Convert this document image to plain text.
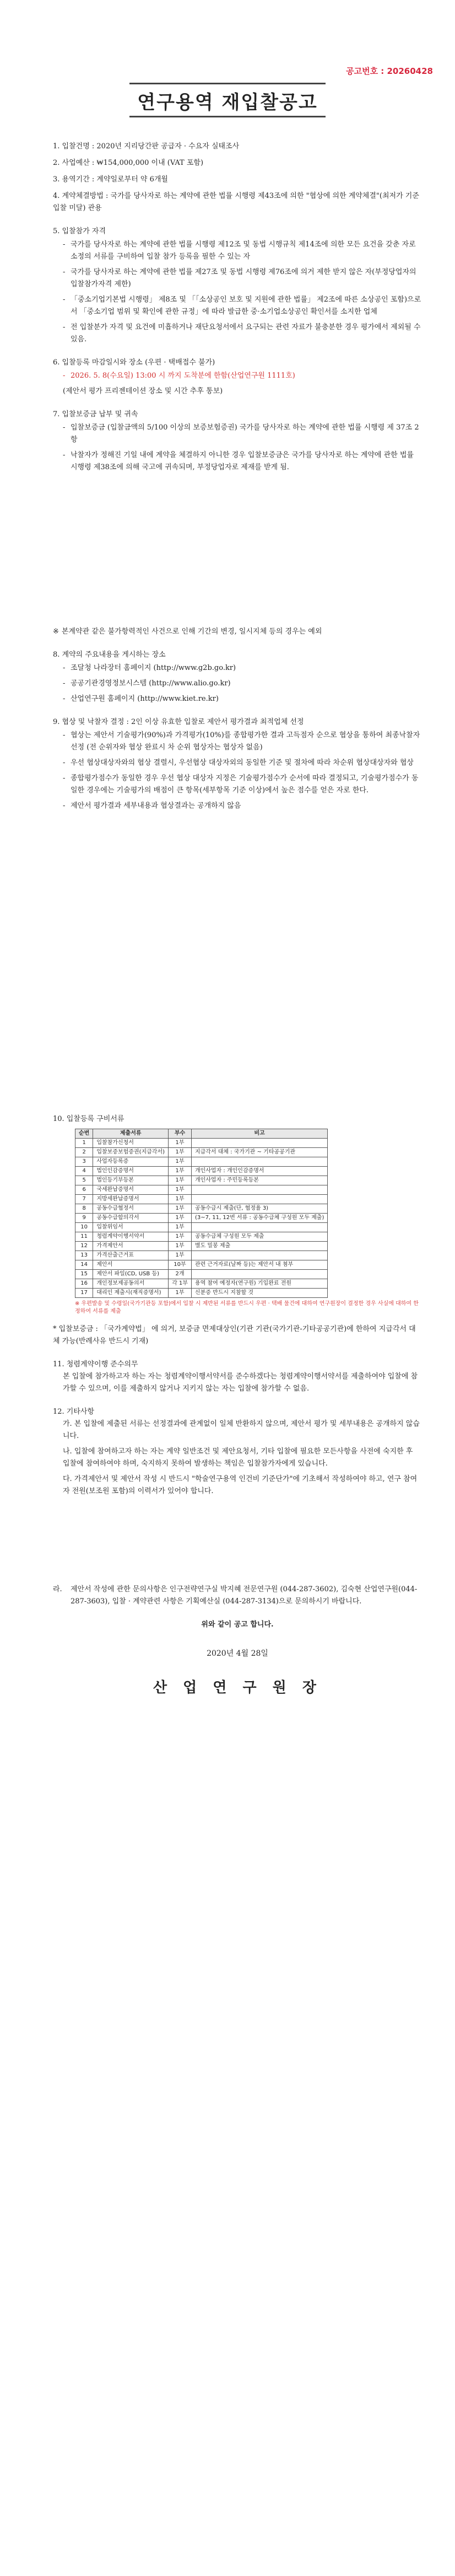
공고번호 : 20260428
연구용역 재입찰공고
1. 입찰건명 : 2020년 지리당간판 공급자 · 수요자 실태조사
2. 사업예산 : ₩154,000,000 이내 (VAT 포함)
3. 용역기간 : 계약일로부터 약 6개월
4. 계약체결방법 : 국가를 당사자로 하는 계약에 관한 법률 시행령 제43조에 의한 "협상에 의한 계약체결"(최저가 기준 입찰 미달) 관용
5. 입찰참가 자격
- 국가를 당사자로 하는 계약에 관한 법률 시행령 제12조 및 동법 시행규칙 제14조에 의한 모든 요건을 갖춘 자로 소정의 서류를 구비하여 입찰 참가 등록을 필한 수 있는 자
- 국가를 당사자로 하는 계약에 관한 법률 제27조 및 동법 시행령 제76조에 의거 제한 받지 않은 자(부정당업자의 입찰참가자격 제한)
- 「중소기업기본법 시행령」 제8조 및 「「소상공인 보호 및 지원에 관한 법률」 제2조에 따른 소상공인 포함)으로서 「중소기업 범위 및 확인에 관한 규정」에 따라 발급한 중·소기업소상공인 확인서를 소지한 업체
- 전 입찰분가 자격 및 요건에 미흡하거나 재단요청서에서 요구되는 관련 자료가 불충분한 경우 평가에서 제외될 수 있음.
6. 입찰등록 마감일시와 장소 (우편 · 택배접수 불가)
- 2026. 5. 8(수요일) 13:00 시 까지 도착분에 한함(산업연구원 1111호)
(제안서 평가 프리젠테이션 장소 및 시간 추후 통보)
7. 입찰보증금 납부 및 귀속
- 입찰보증금 (입찰금액의 5/100 이상의 보증보험증권) 국가를 당사자로 하는 계약에 관한 법률 시행령 제 37조 2항
- 낙찰자가 정해진 기일 내에 계약을 체결하지 아니한 경우 입찰보증금은 국가를 당사자로 하는 계약에 관한 법률 시행령 제38조에 의해 국고에 귀속되며, 부정당업자로 제재를 받게 됨.
※ 본계약관 같은 불가항력적인 사건으로 인해 기간의 변경, 일시지체 등의 경우는 예외
8. 계약의 주요내용을 게시하는 장소
- 조달청 나라장터 홈페이지 (http://www.g2b.go.kr)
- 공공기관경영정보시스템 (http://www.alio.go.kr)
- 산업연구원 홈페이지 (http://www.kiet.re.kr)
9. 협상 및 낙찰자 결정 : 2인 이상 유효한 입찰로 제안서 평가결과 최적업체 선정
- 협상는 제안서 기술평가(90%)과 가격평가(10%)를 종합평가한 결과 고득점자 순으로 협상을 통하여 최종낙찰자 선정 (전 순위자와 협상 완료시 차 순위 협상자는 협상자 없음)
- 우선 협상대상자와의 협상 결렬시, 우선협상 대상자외의 동일한 기준 및 절차에 따라 차순위 협상대상자와 협상
- 종합평가점수가 동일한 경우 우선 협상 대상자 지정은 기술평가점수가 순서에 따라 결정되고, 기술평가점수가 동일한 경우에는 기술평가의 배점이 큰 항목(세부항목 기준 이상)에서 높은 점수를 얻은 자로 한다.
- 제안서 평가결과 세부내용과 협상결과는 공개하지 않음
10. 입찰등록 구비서류
순번	제출서류	부수	비고
1	입찰참가신청서	1부	
2	입찰보증보험증권(지급각서)	1부	지급각서 대체 : 국가기관 ~ 기타공공기관
3	사업자등록증	1부	
4	법인인감증명서	1부	개인사업자 : 개인인감증명서
5	법인등기부등본	1부	개인사업자 : 주민등록등본
6	국세완납증명서	1부	
7	지방세완납증명서	1부	
8	공동수급협정서	1부	공동수급시 제출(단, 협정율 3)
9	공동수급합의각서	1부	(3~7, 11, 12번 서류 : 공동수급체 구성원 모두 제출)
10	입찰위임서	1부	
11	청렴계약이행서약서	1부	공동수급체 구성원 모두 제출
12	가격제안서	1부	별도 밀봉 제출
13	가격산출근거표	1부	
14	제안서	10부	관련 근거자료(날짜 등)는 제안서 내 첨부
15	제안서 파일(CD, USB 등)	2개	
16	개인정보제공동의서	각 1부	용역 참여 예정자(연구원) 기입완료 전원
17	대리인 제출시(재직증명서)	1부	신분증 반드시 지참할 것
※ 우편발송 및 수령일(국가기관등 포함)에서 입찰 시 제반된 서류를 반드시 우편 · 택배 물건에 대하여 연구원장이 결정한 경우 사실에 대하여 한 정하여 서류를 제출
* 입찰보증금 : 「국가계약법」 에 의거, 보증금 면제대상인(기관 기관(국가기관-기타공공기관)에 한하여 지급각서 대체 가능(반례사유 반드시 기재)
11. 청렴계약이행 준수의무
본 입찰에 참가하고자 하는 자는 청렴계약이행서약서를 준수하겠다는 청렴계약이행서약서를 제출하여야 입찰에 참가할 수 있으며, 이를 제출하지 않거나 지키지 않는 자는 입찰에 참가할 수 없음.
12. 기타사항
가. 본 입찰에 제출된 서류는 선정결과에 관계없이 일체 반환하지 않으며, 제안서 평가 및 세부내용은 공개하지 않습니다.
나. 입찰에 참여하고자 하는 자는 계약 일반조건 및 제안요청서, 기타 입찰에 필요한 모든사항을 사전에 숙지한 후 입찰에 참여하여야 하며, 숙지하지 못하여 발생하는 책임은 입찰참가자에게 있습니다.
다. 가격제안서 및 제안서 작성 시 반드시 "학술연구용역 인건비 기준단가"에 기초해서 작성하여야 하고, 연구 참여자 전원(보조원 포함)의 이력서가 있어야 합니다.
라. 제안서 작성에 관한 문의사항은 인구전략연구실 박지혜 전문연구원 (044-287-3602), 김숙현 산업연구원(044-287-3603), 입찰 · 계약관련 사항은 기획예산실 (044-287-3134)으로 문의하시기 바랍니다.
위와 같이 공고 합니다.
2020년 4월 28일
산 업 연 구 원 장
